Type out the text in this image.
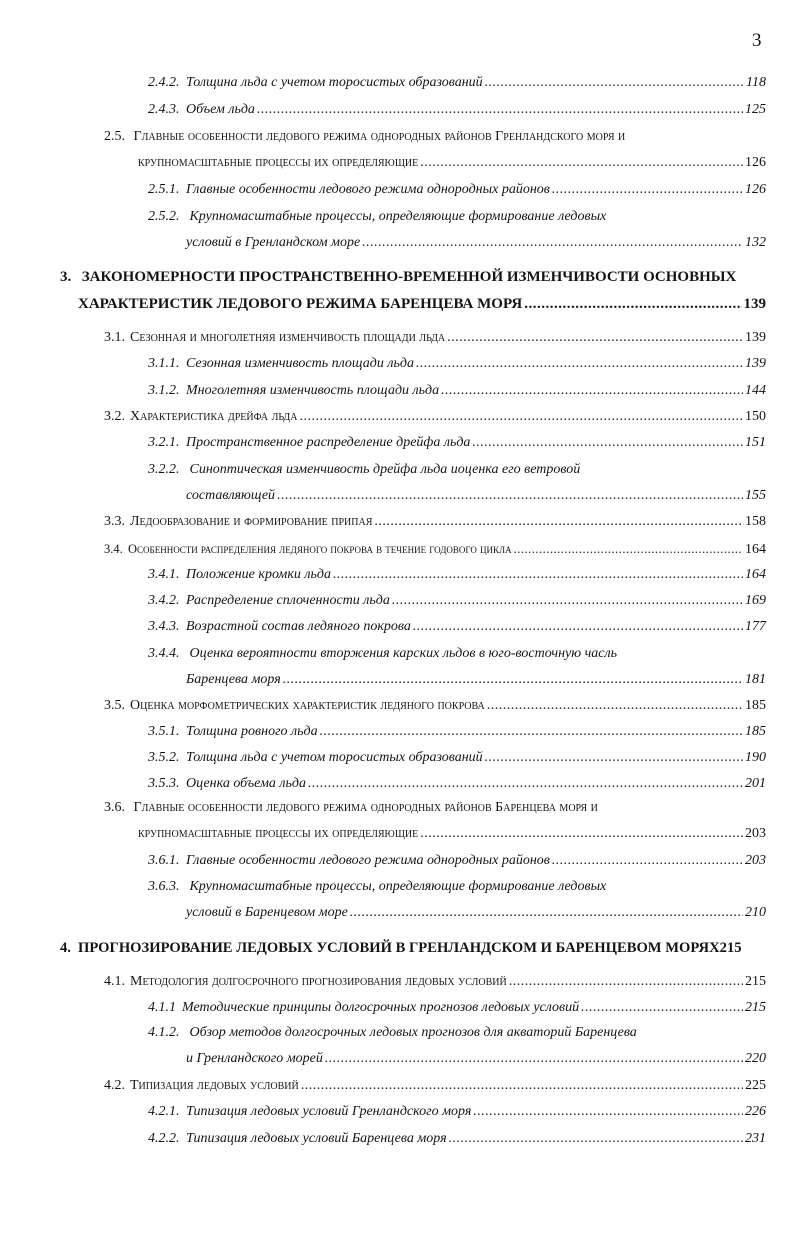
3
2.4.2. Толщина льда с учетом торосистых образований .....	118
2.4.3. Объем льда .....	125
2.5. Главные особенности ледового режима однородных районов Гренландского моря и
крупномасштабные процессы их определяющие .....	126
2.5.1. Главные особенности ледового режима однородных районов .....	126
2.5.2. Крупномасштабные процессы, определяющие формирование ледовых
условий в Гренландском море .....	132
3. ЗАКОНОМЕРНОСТИ ПРОСТРАНСТВЕННО-ВРЕМЕННОЙ ИЗМЕНЧИВОСТИ ОСНОВНЫХ
ХАРАКТЕРИСТИК ЛЕДОВОГО РЕЖИМА БАРЕНЦЕВА МОРЯ .....	139
3.1. Сезонная и многолетняя изменчивость площади льда .....	139
3.1.1. Сезонная изменчивость площади льда .....	139
3.1.2. Многолетняя изменчивость площади льда .....	144
3.2. Характеристика дрейфа льда .....	150
3.2.1. Пространственное распределение дрейфа льда .....	151
3.2.2. Синоптическая изменчивость дрейфа льда иоценка его ветровой
составляющей .....	155
3.3. Ледообразование и формирование припая .....	158
3.4. Особенности распределения ледяного покрова в течение годового цикла .....	164
3.4.1. Положение кромки льда .....	164
3.4.2. Распределение сплоченности льда .....	169
3.4.3. Возрастной состав ледяного покрова .....	177
3.4.4. Оценка вероятности вторжения карских льдов в юго-восточную часль
Баренцева моря .....	181
3.5. Оценка морфометрических характеристик ледяного покрова .....	185
3.5.1. Толщина ровного льда .....	185
3.5.2. Толщина льда с учетом торосистых образований .....	190
3.5.3. Оценка объема льда .....	201
3.6. Главные особенности ледового режима однородных районов Баренцева моря и
крупномасштабные процессы их определяющие .....	203
3.6.1. Главные особенности ледового режима однородных районов .....	203
3.6.3. Крупномасштабные процессы, определяющие формирование ледовых
условий в Баренцевом море .....	210
4. ПРОГНОЗИРОВАНИЕ ЛЕДОВЫХ УСЛОВИЙ В ГРЕНЛАНДСКОМ И БАРЕНЦЕВОМ МОРЯХ 215
4.1. Методология долгосрочного прогнозирования ледовых условий .....	215
4.1.1 Методические принципы долгосрочных прогнозов ледовых условий .....	215
4.1.2. Обзор методов долгосрочных ледовых прогнозов для акваторий Баренцева
и Гренландского морей .....	220
4.2. Типизация ледовых условий .....	225
4.2.1. Типизация ледовых условий Гренландского моря .....	226
4.2.2. Типизация ледовых условий Баренцева моря .....	231
